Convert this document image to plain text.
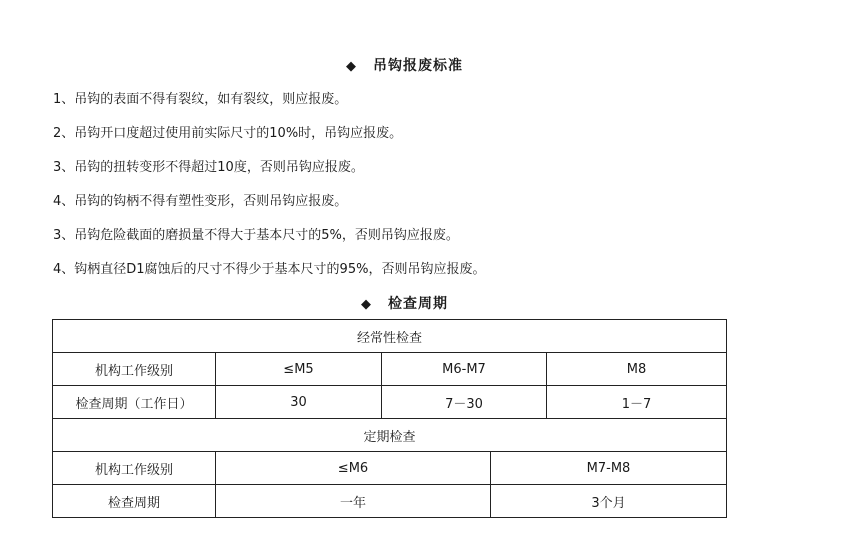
◆ 吊钩报废标准
1、吊钩的表面不得有裂纹，如有裂纹，则应报废。
2、吊钩开口度超过使用前实际尺寸的10%时，吊钩应报废。
3、吊钩的扭转变形不得超过10度，否则吊钩应报废。
4、吊钩的钩柄不得有塑性变形，否则吊钩应报废。
3、吊钩危险截面的磨损量不得大于基本尺寸的5%，否则吊钩应报废。
4、钩柄直径D1腐蚀后的尺寸不得少于基本尺寸的95%，否则吊钩应报废。
◆ 检查周期
经常性检查				
机构工作级别	≤M5	M6-M7		M8
检查周期（工作日）	30	7－30		1－7
定期检查				
机构工作级别	≤M6		M7-M8	
检查周期	一年		3个月	
